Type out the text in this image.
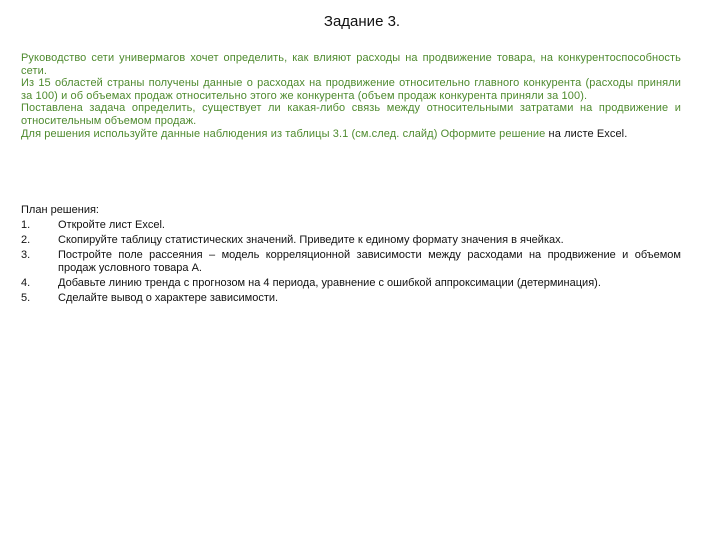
Задание 3.

Руководство сети универмагов хочет определить, как влияют расходы на продвижение товара, на конкурентоспособность сети.

Из 15 областей страны получены данные о расходах на продвижение относительно главного конкурента (расходы приняли за 100) и об объемах продаж относительно этого же конкурента (объем продаж конкурента приняли за 100).

Поставлена задача определить, существует ли какая-либо связь между относительными затратами на продвижение и относительным объемом продаж.

Для решения используйте данные наблюдения из таблицы 3.1 (см.след. слайд) Оформите решение на листе Excel.

План решения:

1.	Откройте лист Excel.
2.	Скопируйте таблицу статистических значений. Приведите к единому формату значения в ячейках.
3.	Постройте поле рассеяния – модель корреляционной зависимости между расходами на продвижение и объемом продаж условного товара А.
4.	Добавьте линию тренда с прогнозом на 4 периода, уравнение с ошибкой аппроксимации (детерминация).
5.	Сделайте вывод о характере зависимости.
